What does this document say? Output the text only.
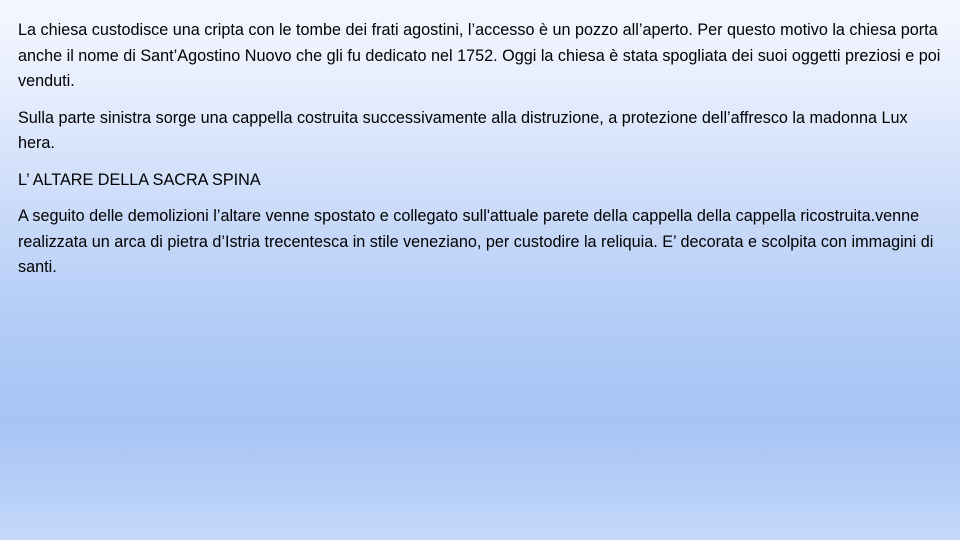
La chiesa custodisce una cripta con le tombe dei frati agostini, l’accesso è un pozzo all’aperto. Per questo motivo la chiesa porta anche il nome di Sant’Agostino Nuovo che gli fu dedicato nel 1752. Oggi la chiesa è stata spogliata dei suoi oggetti preziosi e poi venduti.

Sulla parte sinistra sorge una cappella costruita successivamente alla distruzione, a protezione dell’affresco la madonna Lux hera.

L’ ALTARE DELLA SACRA SPINA

A seguito delle demolizioni l’altare venne spostato e collegato sull'attuale parete della cappella della cappella ricostruita.venne realizzata un arca di pietra d’Istria trecentesca in stile veneziano, per custodire la reliquia. E’ decorata e scolpita con immagini di santi.
